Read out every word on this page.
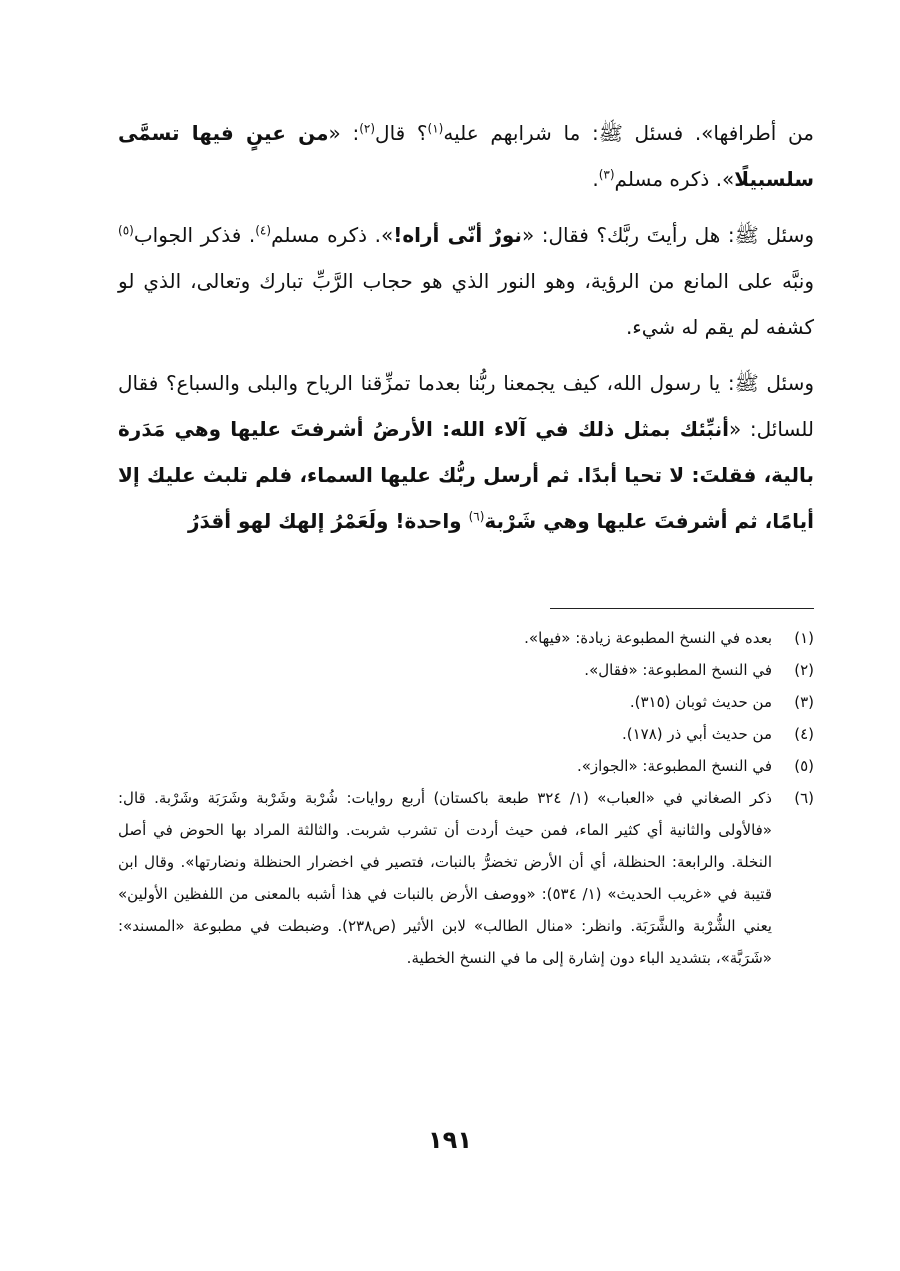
من أطرافها». فسئل ﷺ: ما شرابهم عليه$^{(١)}$؟ قال$^{(٢)}$: «من عينٍ فيها تسمَّى سلسبيلًا». ذكره مسلم$^{(٣)}$.

وسئل ﷺ: هل رأيتَ ربَّك؟ فقال: «نورٌ أنّى أراه!». ذكره مسلم$^{(٤)}$. فذكر الجواب$^{(٥)}$ ونبَّه على المانع من الرؤية، وهو النور الذي هو حجاب الرَّبِّ تبارك وتعالى، الذي لو كشفه لم يقم له شيء.

وسئل ﷺ: يا رسول الله، كيف يجمعنا ربُّنا بعدما تمزِّقنا الرياح والبلى والسباع؟ فقال للسائل: «أنبِّئك بمثل ذلك في آلاء الله: الأرضُ أشرفتَ عليها وهي مَدَرة بالية، فقلتَ: لا تحيا أبدًا. ثم أرسل ربُّك عليها السماء، فلم تلبث عليك إلا أيامًا، ثم أشرفتَ عليها وهي شَرْبة$^{(٦)}$ واحدة! ولَعَمْرُ إلهك لهو أقدَرُ

(١)
بعده في النسخ المطبوعة زيادة: «فيها».
(٢)
في النسخ المطبوعة: «فقال».
(٣)
من حديث ثوبان (٣١٥).
(٤)
من حديث أبي ذر (١٧٨).
(٥)
في النسخ المطبوعة: «الجواز».
(٦)
ذكر الصغاني في «العباب» (١/ ٣٢٤ طبعة باكستان) أربع روايات: شُرْبة وشَرْبة وشَرَبَة وشَرْبة. قال: «فالأولى والثانية أي كثير الماء، فمن حيث أردت أن تشرب شربت. والثالثة المراد بها الحوض في أصل النخلة. والرابعة: الحنظلة، أي أن الأرض تخضرُّ بالنبات، فتصير في اخضرار الحنظلة ونضارتها». وقال ابن قتيبة في «غريب الحديث» (١/ ٥٣٤): «ووصف الأرض بالنبات في هذا أشبه بالمعنى من اللفظين الأولين» يعني الشُّرْبة والشَّرَبَة. وانظر: «منال الطالب» لابن الأثير (ص٢٣٨). وضبطت في مطبوعة «المسند»: «شَرَبَّة»، بتشديد الباء دون إشارة إلى ما في النسخ الخطية.
١٩١
